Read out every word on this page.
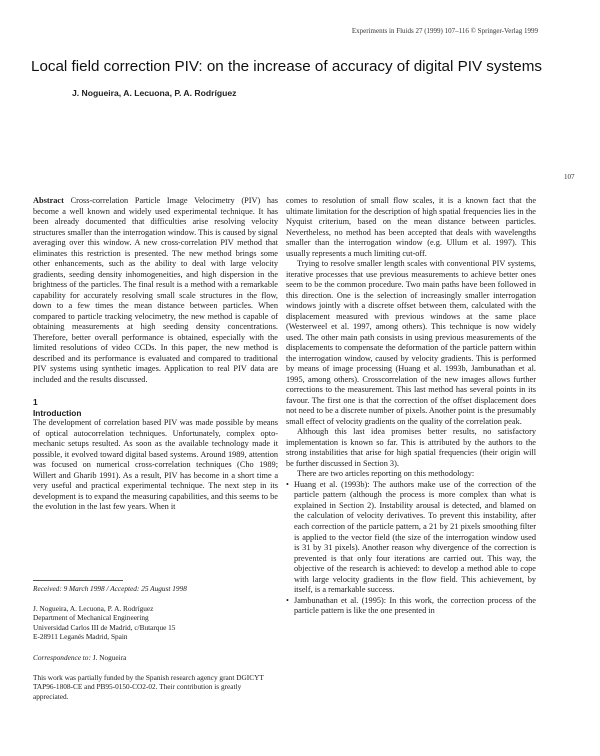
Experiments in Fluids 27 (1999) 107–116 © Springer-Verlag 1999
Local field correction PIV: on the increase of accuracy of digital PIV systems
J. Nogueira, A. Lecuona, P. A. Rodríguez
107

Abstract Cross-correlation Particle Image Velocimetry (PIV) has become a well known and widely used experimental technique. It has been already documented that difficulties arise resolving velocity structures smaller than the interrogation window. This is caused by signal averaging over this window. A new cross-correlation PIV method that eliminates this restriction is presented. The new method brings some other enhancements, such as the ability to deal with large velocity gradients, seeding density inhomogeneities, and high dispersion in the brightness of the particles. The final result is a method with a remarkable capability for accurately resolving small scale structures in the flow, down to a few times the mean distance between particles. When compared to particle tracking velocimetry, the new method is capable of obtaining measurements at high seeding density concentrations. Therefore, better overall performance is obtained, especially with the limited resolutions of video CCDs. In this paper, the new method is described and its performance is evaluated and compared to traditional PIV systems using synthetic images. Application to real PIV data are included and the results discussed.

1
Introduction

The development of correlation based PIV was made possible by means of optical autocorrelation techniques. Unfortunately, complex opto-mechanic setups resulted. As soon as the available technology made it possible, it evolved toward digital based systems. Around 1989, attention was focused on numerical cross-correlation techniques (Cho 1989; Willert and Gharib 1991). As a result, PIV has become in a short time a very useful and practical experimental technique. The next step in its development is to expand the measuring capabilities, and this seems to be the evolution in the last few years. When it

Received: 9 March 1998 / Accepted: 25 August 1998

J. Nogueira, A. Lecuona, P. A. Rodríguez

Department of Mechanical Engineering

Universidad Carlos III de Madrid, c/Butarque 15

E-28911 Leganés Madrid, Spain

Correspondence to: J. Nogueira

This work was partially funded by the Spanish research agency grant DGICYT TAP96-1808-CE and PB95-0150-CO2-02. Their contribution is greatly appreciated.

comes to resolution of small flow scales, it is a known fact that the ultimate limitation for the description of high spatial frequencies lies in the Nyquist criterium, based on the mean distance between particles. Nevertheless, no method has been accepted that deals with wavelengths smaller than the interrogation window (e.g. Ullum et al. 1997). This usually represents a much limiting cut-off.

Trying to resolve smaller length scales with conventional PIV systems, iterative processes that use previous measurements to achieve better ones seem to be the common procedure. Two main paths have been followed in this direction. One is the selection of increasingly smaller interrogation windows jointly with a discrete offset between them, calculated with the displacement measured with previous windows at the same place (Westerweel et al. 1997, among others). This technique is now widely used. The other main path consists in using previous measurements of the displacements to compensate the deformation of the particle pattern within the interrogation window, caused by velocity gradients. This is performed by means of image processing (Huang et al. 1993b, Jambunathan et al. 1995, among others). Crosscorrelation of the new images allows further corrections to the measurement. This last method has several points in its favour. The first one is that the correction of the offset displacement does not need to be a discrete number of pixels. Another point is the presumably small effect of velocity gradients on the quality of the correlation peak.

Although this last idea promises better results, no satisfactory implementation is known so far. This is attributed by the authors to the strong instabilities that arise for high spatial frequencies (their origin will be further discussed in Section 3).

There are two articles reporting on this methodology:

• Huang et al. (1993b): The authors make use of the correction of the particle pattern (although the process is more complex than what is explained in Section 2). Instability arousal is detected, and blamed on the calculation of velocity derivatives. To prevent this instability, after each correction of the particle pattern, a 21 by 21 pixels smoothing filter is applied to the vector field (the size of the interrogation window used is 31 by 31 pixels). Another reason why divergence of the correction is prevented is that only four iterations are carried out. This way, the objective of the research is achieved: to develop a method able to cope with large velocity gradients in the flow field. This achievement, by itself, is a remarkable success.
• Jambunathan et al. (1995): In this work, the correction process of the particle pattern is like the one presented in
